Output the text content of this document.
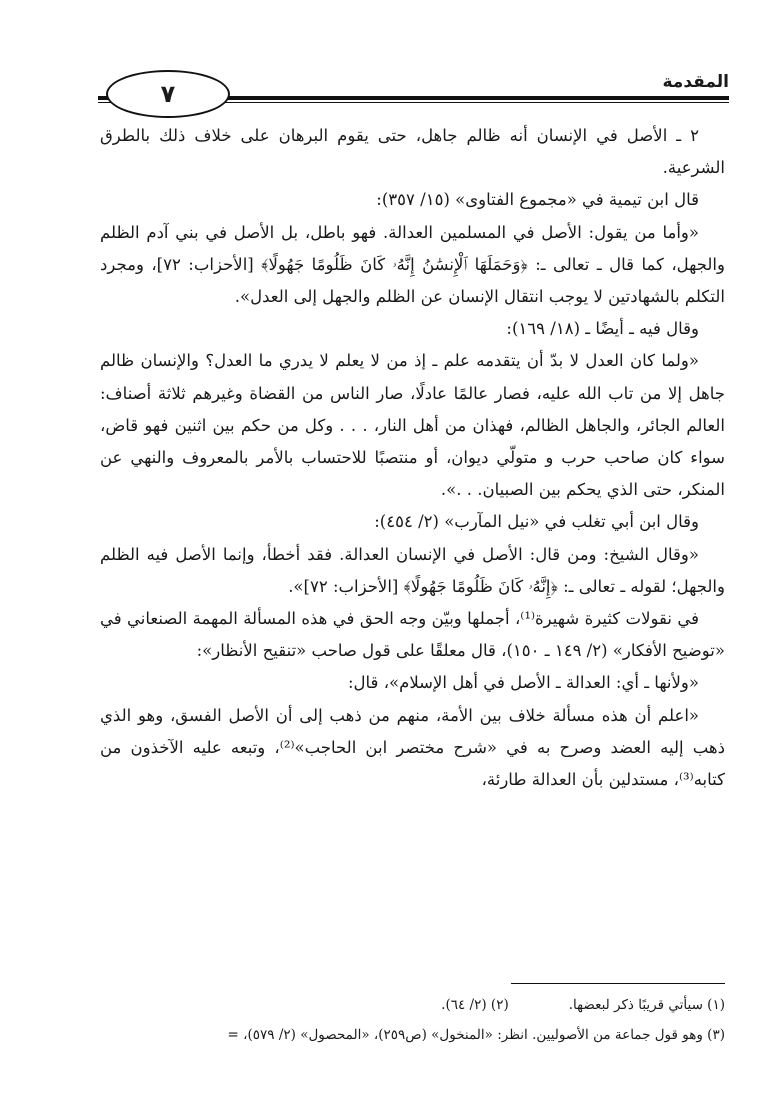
المقدمة
٧

٢ ـ الأصل في الإنسان أنه ظالم جاهل، حتى يقوم البرهان على خلاف ذلك بالطرق الشرعية.

قال ابن تيمية في «مجموع الفتاوى» (١٥/ ٣٥٧):

«وأما من يقول: الأصل في المسلمين العدالة. فهو باطل، بل الأصل في بني آدم الظلم والجهل، كما قال ـ تعالى ـ: ﴿وَحَمَلَهَا ٱلْإِنسَٰنُ إِنَّهُۥ كَانَ ظَلُومًا جَهُولًا﴾ [الأحزاب: ٧٢]، ومجرد التكلم بالشهادتين لا يوجب انتقال الإنسان عن الظلم والجهل إلى العدل».

وقال فيه ـ أيضًا ـ (١٨/ ١٦٩):

«ولما كان العدل لا بدّ أن يتقدمه علم ـ إذ من لا يعلم لا يدري ما العدل؟ والإنسان ظالم جاهل إلا من تاب الله عليه، فصار عالمًا عادلًا، صار الناس من القضاة وغيرهم ثلاثة أصناف: العالم الجائر، والجاهل الظالم، فهذان من أهل النار، . . . وكل من حكم بين اثنين فهو قاض، سواء كان صاحب حرب و متولّي ديوان، أو منتصبًا للاحتساب بالأمر بالمعروف والنهي عن المنكر، حتى الذي يحكم بين الصبيان. . .».

وقال ابن أبي تغلب في «نيل المآرب» (٢/ ٤٥٤):

«وقال الشيخ: ومن قال: الأصل في الإنسان العدالة. فقد أخطأ، وإنما الأصل فيه الظلم والجهل؛ لقوله ـ تعالى ـ: ﴿إِنَّهُۥ كَانَ ظَلُومًا جَهُولًا﴾ [الأحزاب: ٧٢]».

في نقولات كثيرة شهيرة⁽¹⁾، أجملها وبيّن وجه الحق في هذه المسألة المهمة الصنعاني في «توضيح الأفكار» (٢/ ١٤٩ ـ ١٥٠)، قال معلقًا على قول صاحب «تنقيح الأنظار»:

«ولأنها ـ أي: العدالة ـ الأصل في أهل الإسلام»، قال:

«اعلم أن هذه مسألة خلاف بين الأمة، منهم من ذهب إلى أن الأصل الفسق، وهو الذي ذهب إليه العضد وصرح به في «شرح مختصر ابن الحاجب»⁽²⁾، وتبعه عليه الآخذون من كتابه⁽³⁾، مستدلين بأن العدالة طارئة،

(١) سيأتي قريبًا ذكر لبعضها.
(٢) (٢/ ٦٤).

(٣) وهو قول جماعة من الأصوليين. انظر: «المنخول» (ص٢٥٩)، «المحصول» (٢/ ٥٧٩)، =
